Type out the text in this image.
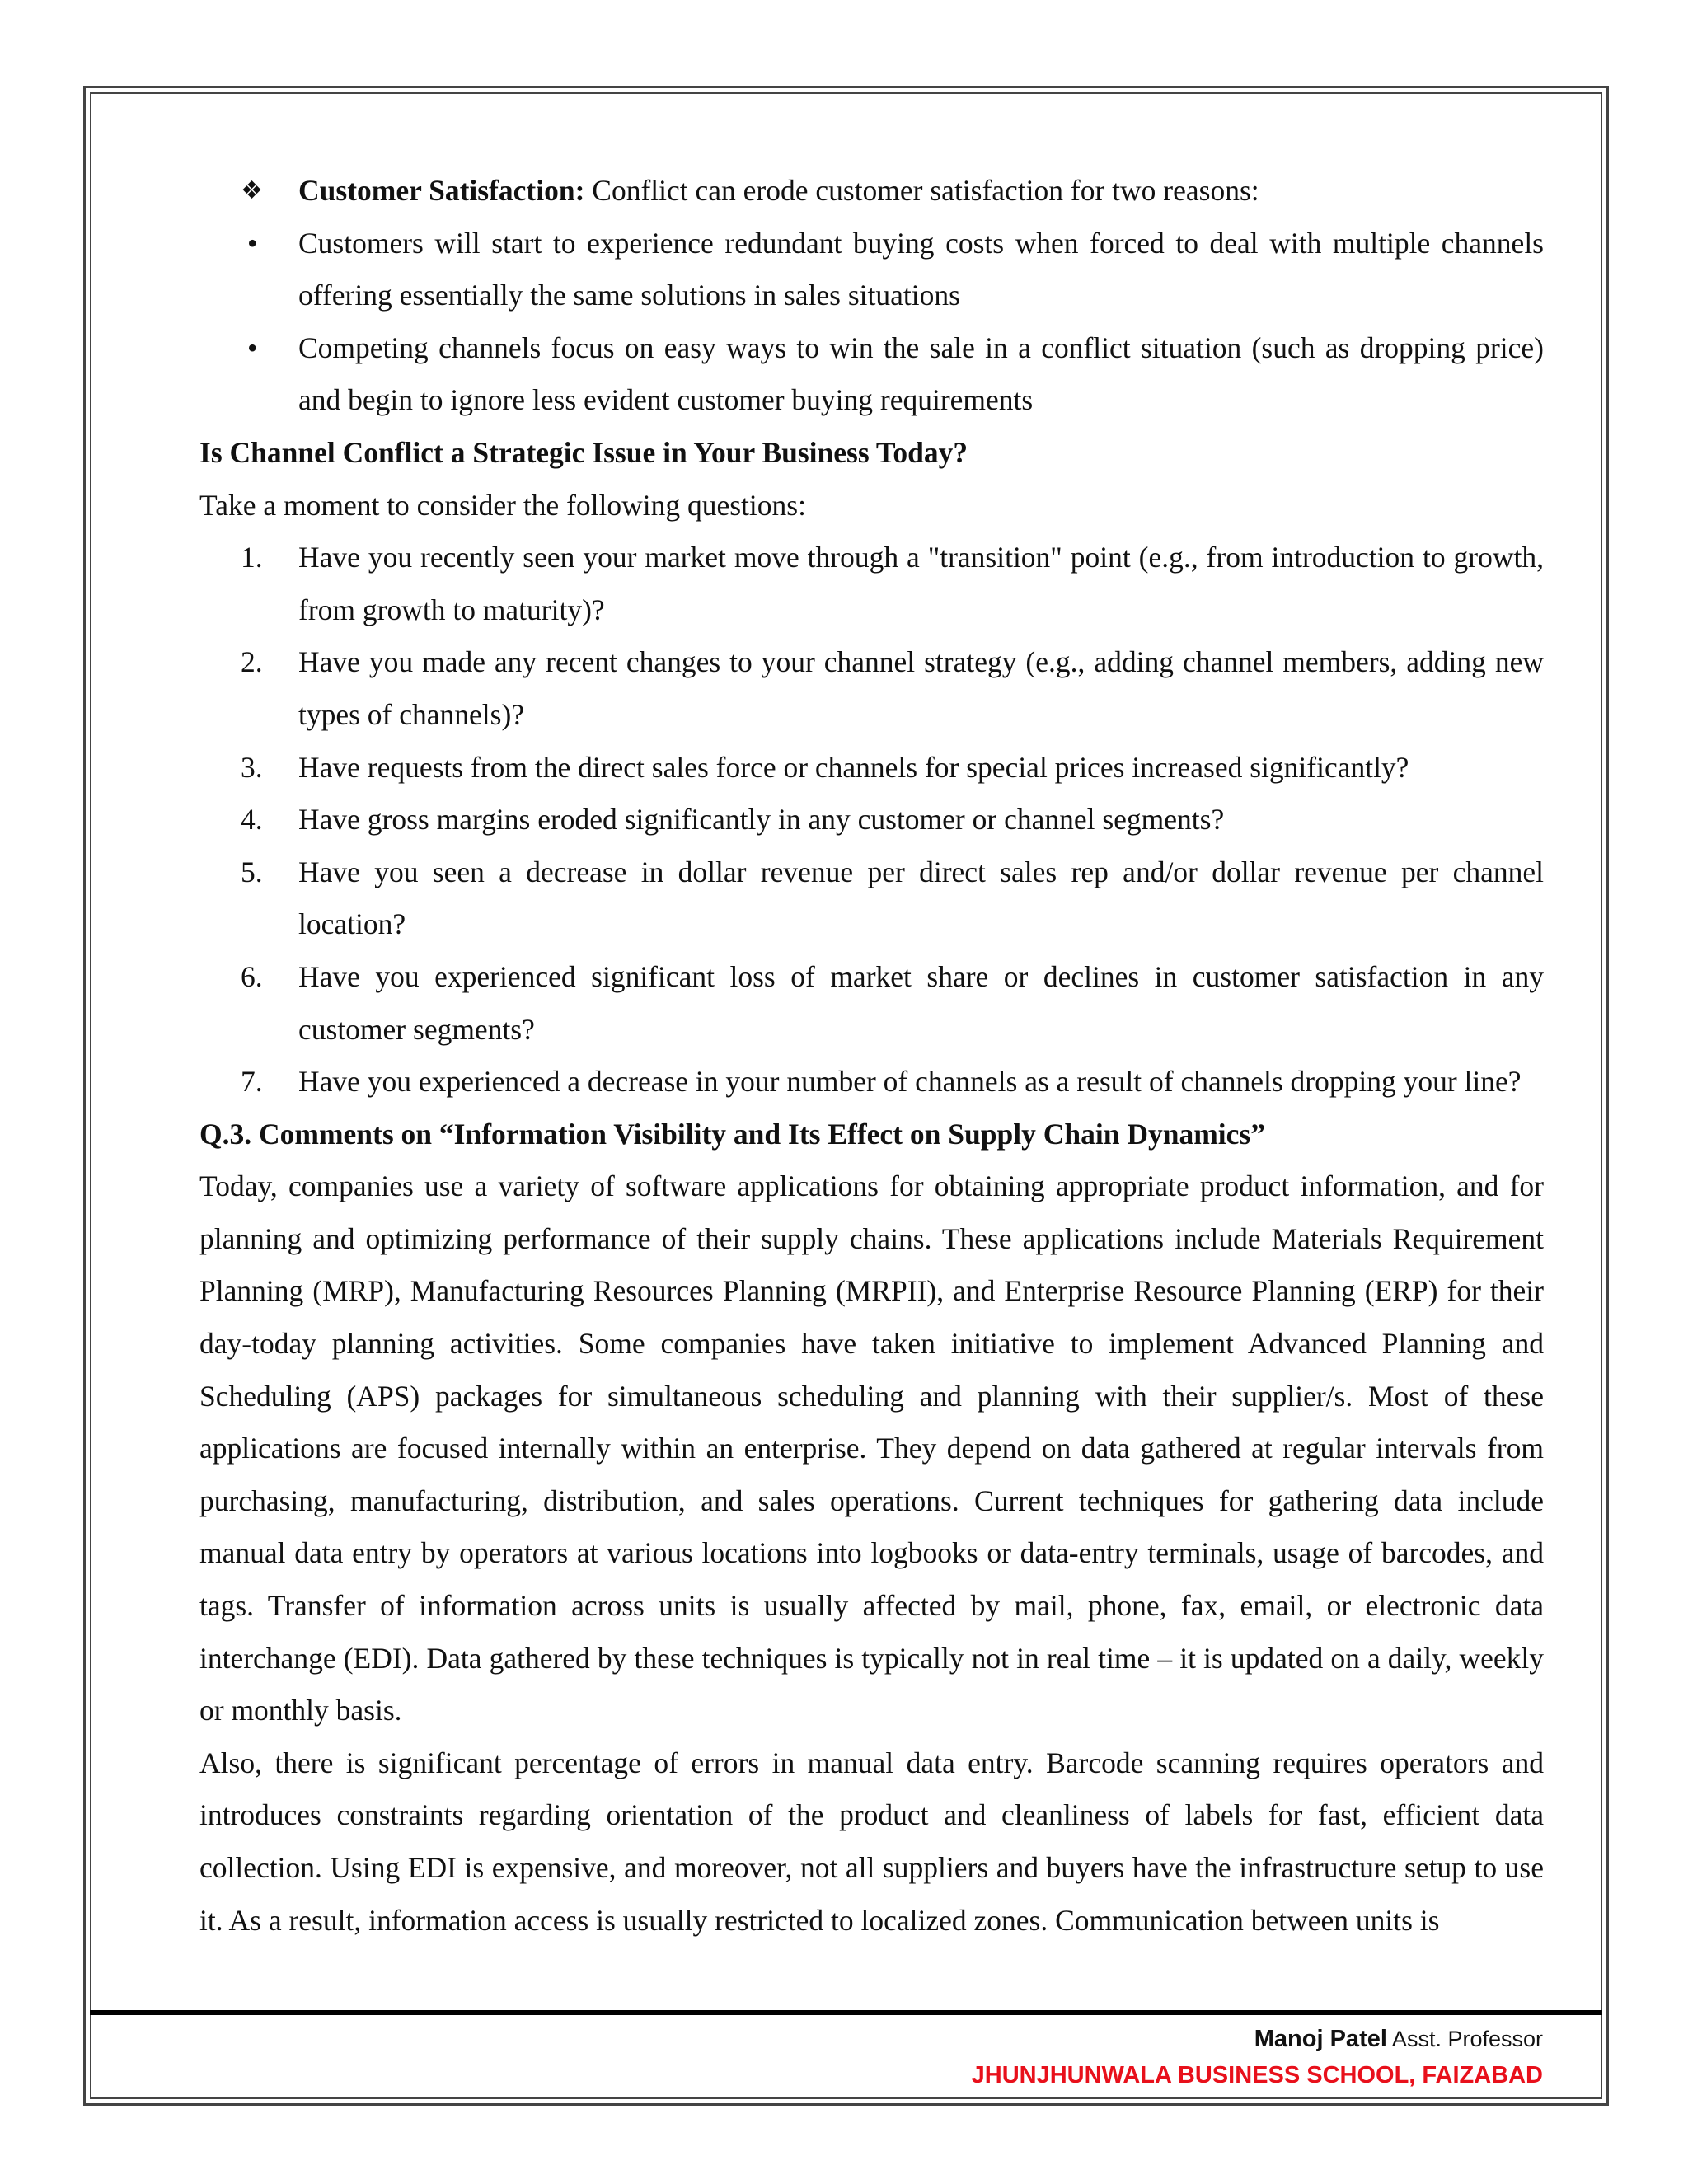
❖	Customer Satisfaction: Conflict can erode customer satisfaction for two reasons:
•	Customers will start to experience redundant buying costs when forced to deal with multiple channels offering essentially the same solutions in sales situations
•	Competing channels focus on easy ways to win the sale in a conflict situation (such as dropping price) and begin to ignore less evident customer buying requirements

Is Channel Conflict a Strategic Issue in Your Business Today?

Take a moment to consider the following questions:

1.	Have you recently seen your market move through a "transition" point (e.g., from introduction to growth, from growth to maturity)?
2.	Have you made any recent changes to your channel strategy (e.g., adding channel members, adding new types of channels)?
3.	Have requests from the direct sales force or channels for special prices increased significantly?
4.	Have gross margins eroded significantly in any customer or channel segments?
5.	Have you seen a decrease in dollar revenue per direct sales rep and/or dollar revenue per channel location?
6.	Have you experienced significant loss of market share or declines in customer satisfaction in any customer segments?
7.	Have you experienced a decrease in your number of channels as a result of channels dropping your line?

Q.3. Comments on “Information Visibility and Its Effect on Supply Chain Dynamics”

Today, companies use a variety of software applications for obtaining appropriate product information, and for planning and optimizing performance of their supply chains. These applications include Materials Requirement Planning (MRP), Manufacturing Resources Planning (MRPII), and Enterprise Resource Planning (ERP) for their day-today planning activities. Some companies have taken initiative to implement Advanced Planning and Scheduling (APS) packages for simultaneous scheduling and planning with their supplier/s. Most of these applications are focused internally within an enterprise. They depend on data gathered at regular intervals from purchasing, manufacturing, distribution, and sales operations. Current techniques for gathering data include manual data entry by operators at various locations into logbooks or data-entry terminals, usage of barcodes, and tags. Transfer of information across units is usually affected by mail, phone, fax, email, or electronic data interchange (EDI). Data gathered by these techniques is typically not in real time – it is updated on a daily, weekly or monthly basis.

Also, there is significant percentage of errors in manual data entry. Barcode scanning requires operators and introduces constraints regarding orientation of the product and cleanliness of labels for fast, efficient data collection. Using EDI is expensive, and moreover, not all suppliers and buyers have the infrastructure setup to use it. As a result, information access is usually restricted to localized zones. Communication between units is

Manoj Patel Asst. Professor
JHUNJHUNWALA BUSINESS SCHOOL, FAIZABAD
